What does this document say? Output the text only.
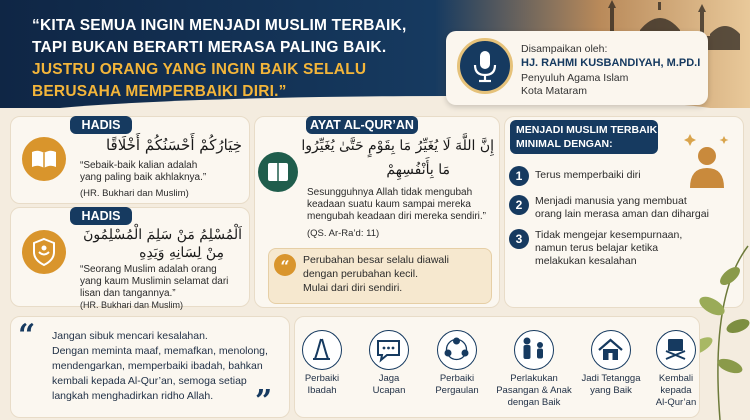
“KITA SEMUA INGIN MENJADI MUSLIM TERBAIK,
TAPI BUKAN BERARTI MERASA PALING BAIK.
JUSTRU ORANG YANG INGIN BAIK SELALU
BERUSAHA MEMPERBAIKI DIRI.”
Disampaikan oleh:
HJ. RAHMI KUSBANDIYAH, M.PD.I
Penyuluh Agama Islam
Kota Mataram
HADIS
خِيَارُكُمْ أَحْسَنُكُمْ أَخْلَاقًا
“Sebaik-baik kalian adalah
yang paling baik akhlaknya.”
(HR. Bukhari dan Muslim)
HADIS
اَلْمُسْلِمُ مَنْ سَلِمَ الْمُسْلِمُونَ
مِنْ لِسَانِهِ وَيَدِهِ
“Seorang Muslim adalah orang
yang kaum Muslimin selamat dari
lisan dan tangannya.”
(HR. Bukhari dan Muslim)
AYAT AL-QUR’AN
إِنَّ اللَّهَ لَا يُغَيِّرُ مَا بِقَوْمٍ حَتَّىٰ يُغَيِّرُوا
مَا بِأَنْفُسِهِمْ
Sesungguhnya Allah tidak mengubah
keadaan suatu kaum sampai mereka
mengubah keadaan diri mereka sendiri.”
(QS. Ar-Ra’d: 11)
“	Perubahan besar selalu diawali
dengan perubahan kecil.
Mulai dari diri sendiri.
MENJADI MUSLIM TERBAIK
MINIMAL DENGAN:
1	Terus memperbaiki diri
2	Menjadi manusia yang membuat
orang lain merasa aman dan dihargai
3	Tidak mengejar kesempurnaan,
namun terus belajar ketika
melakukan kesalahan
“
”
Jangan sibuk mencari kesalahan.
Dengan meminta maaf, memafkan, menolong,
mendengarkan, memperbaiki ibadah, bahkan
kembali kepada Al-Qur’an, semoga setiap
langkah menghadirkan ridho Allah.
Perbaiki
Ibadah
Jaga
Ucapan
Perbaiki
Pergaulan
Perlakukan
Pasangan & Anak
dengan Baik
Jadi Tetangga
yang Baik
Kembali
kepada
Al-Qur’an
